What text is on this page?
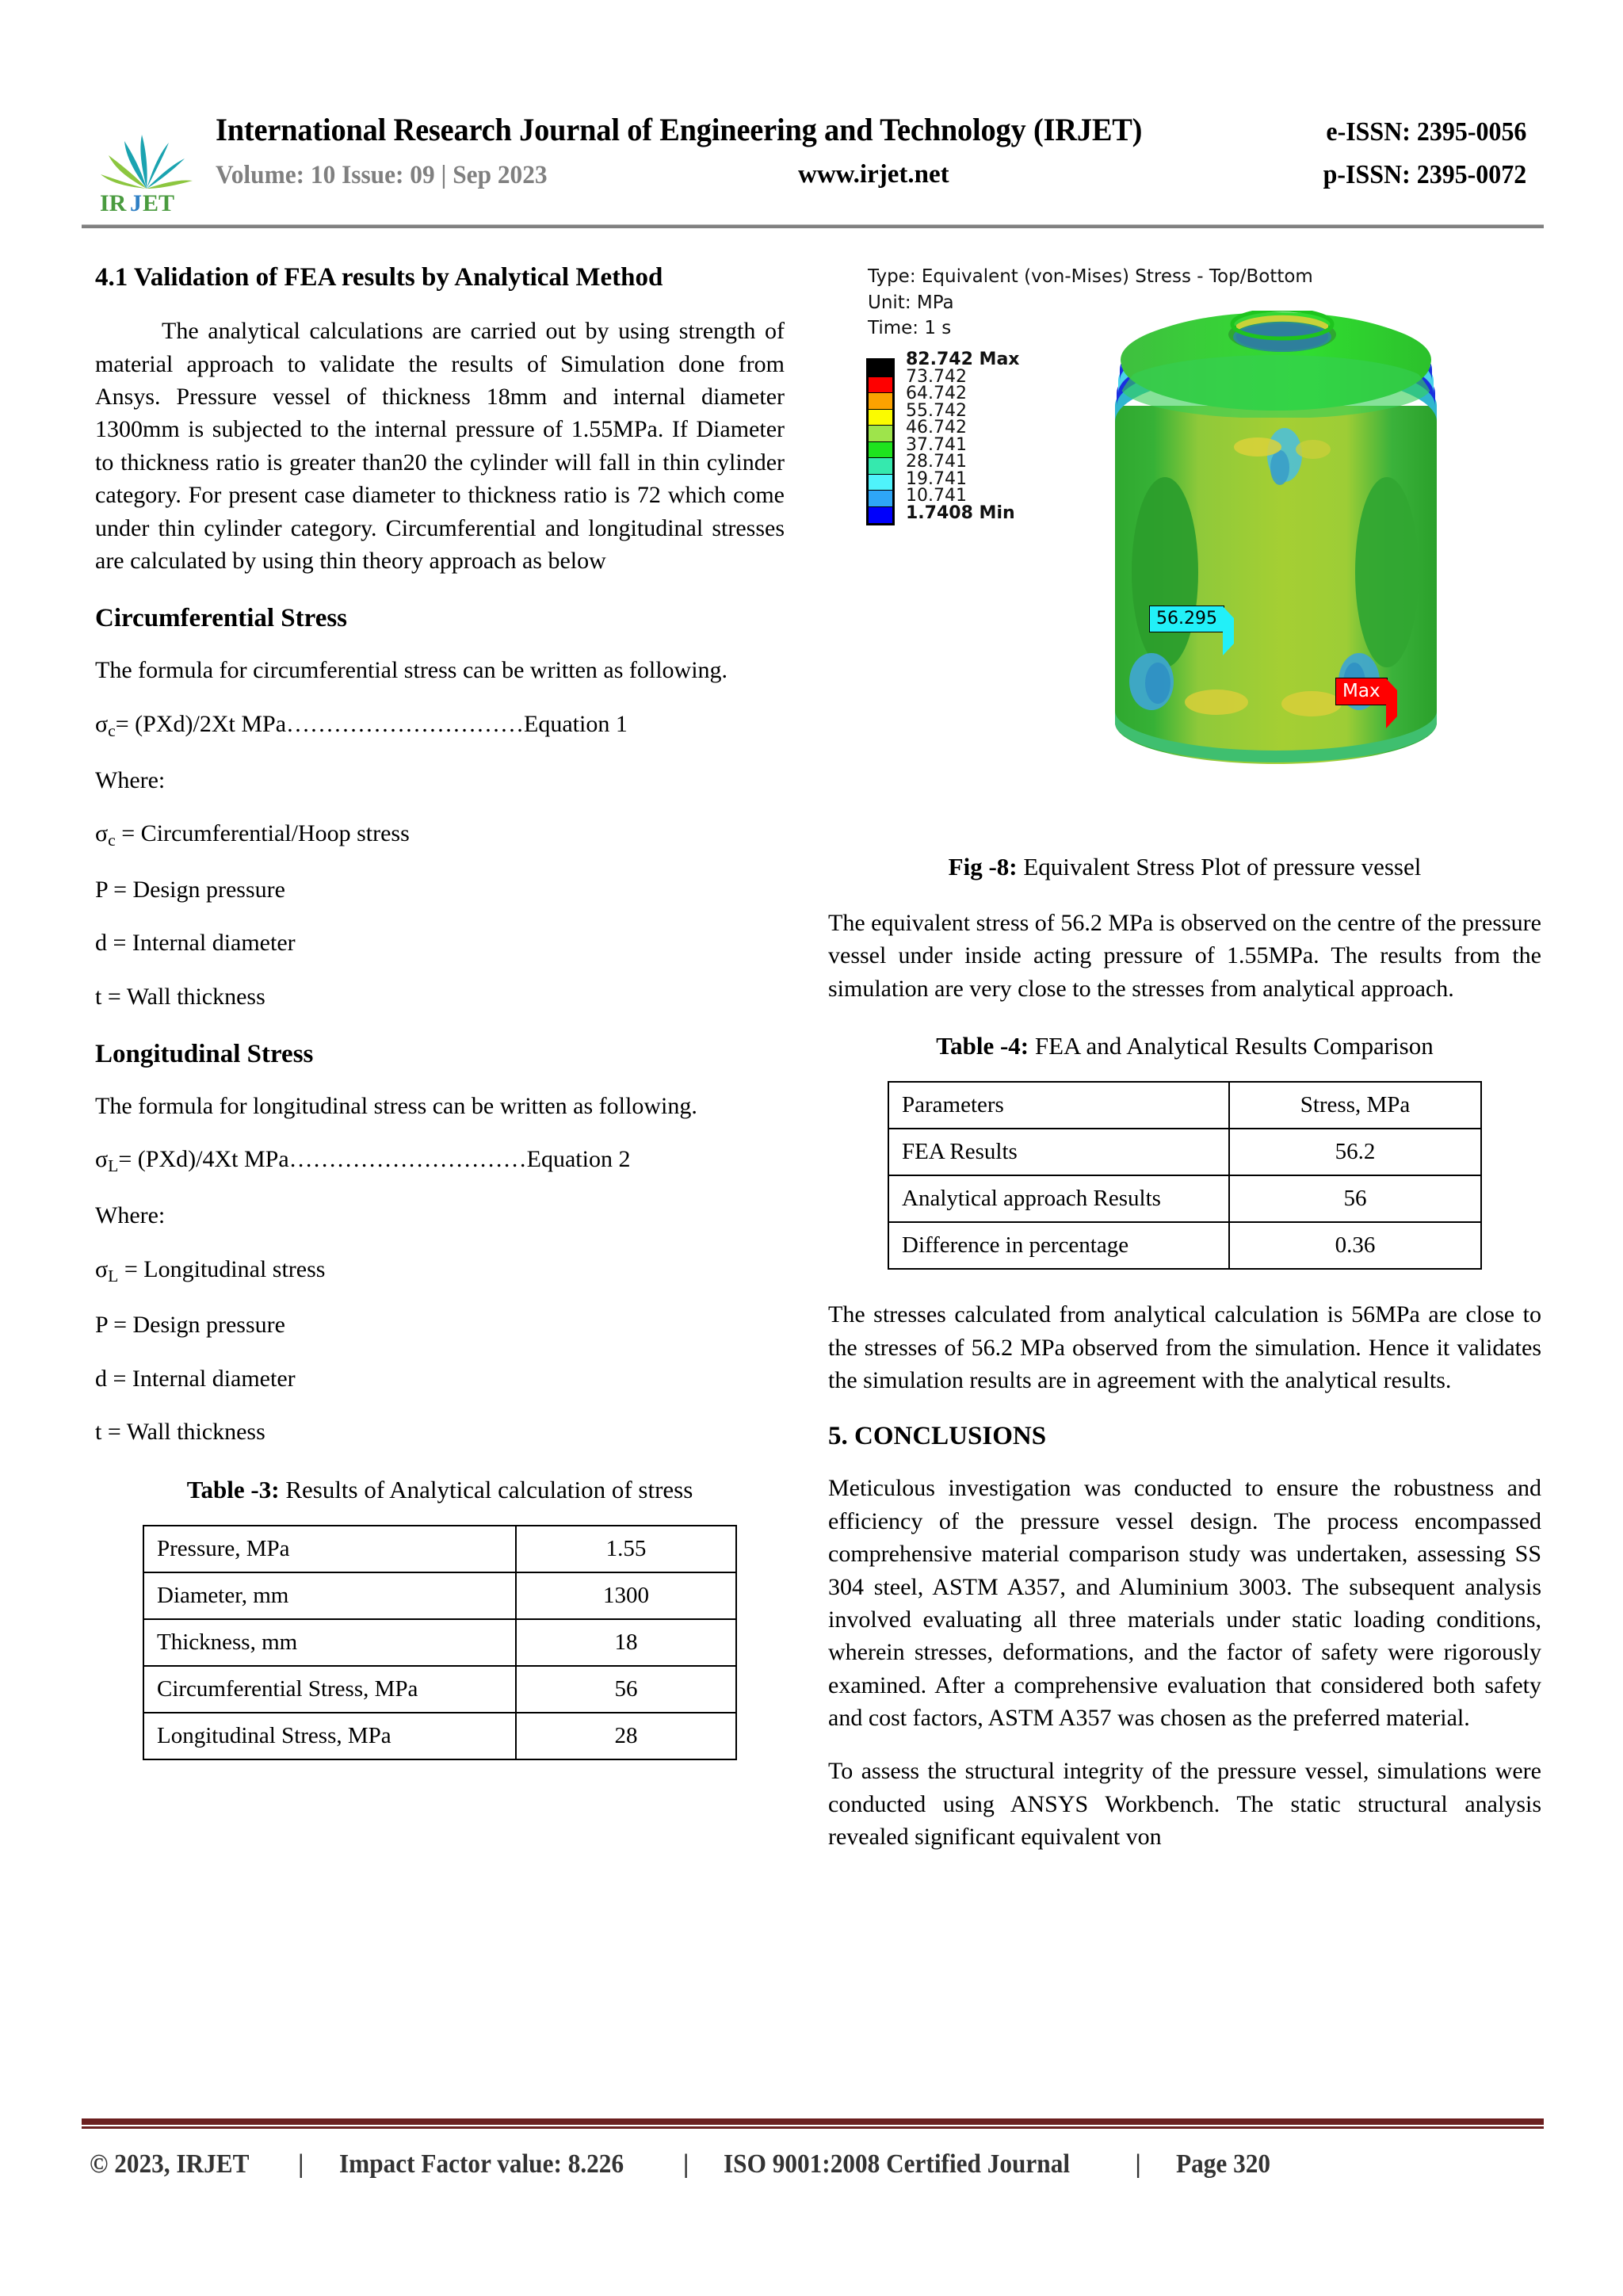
IR J ET
International Research Journal of Engineering and Technology (IRJET)	e-ISSN: 2395-0056
Volume: 10 Issue: 09 | Sep 2023	www.irjet.net	p-ISSN: 2395-0072
4.1 Validation of FEA results by Analytical Method

The analytical calculations are carried out by using strength of material approach to validate the results of Simulation done from Ansys. Pressure vessel of thickness 18mm and internal diameter 1300mm is subjected to the internal pressure of 1.55MPa. If Diameter to thickness ratio is greater than20 the cylinder will fall in thin cylinder category. For present case diameter to thickness ratio is 72 which come under thin cylinder category. Circumferential and longitudinal stresses are calculated by using thin theory approach as below

Circumferential Stress

The formula for circumferential stress can be written as following.

$\sigma_c= (PXd)/2Xt$ MPa…………………………Equation 1

Where:

$\sigma_c$ = Circumferential/Hoop stress

P = Design pressure

d = Internal diameter

t = Wall thickness

Longitudinal Stress

The formula for longitudinal stress can be written as following.

$\sigma_L= (PXd)/4Xt$ MPa…………………………Equation 2

Where:

$\sigma_L$ = Longitudinal stress

P = Design pressure

d = Internal diameter

t = Wall thickness

Table -3: Results of Analytical calculation of stress
Pressure, MPa	1.55
Diameter, mm	1300
Thickness, mm	18
Circumferential Stress, MPa	56
Longitudinal Stress, MPa	28
Type: Equivalent (von-Mises) Stress - Top/Bottom
Unit: MPa
Time: 1 s
82.742 Max
73.742
64.742
55.742
46.742
37.741
28.741
19.741
10.741
1.7408 Min
56.295
Max
Fig -8: Equivalent Stress Plot of pressure vessel

The equivalent stress of 56.2 MPa is observed on the centre of the pressure vessel under inside acting pressure of 1.55MPa. The results from the simulation are very close to the stresses from analytical approach.

Table -4: FEA and Analytical Results Comparison
Parameters	Stress, MPa
FEA Results	56.2
Analytical approach Results	56
Difference in percentage	0.36

The stresses calculated from analytical calculation is 56MPa are close to the stresses of 56.2 MPa observed from the simulation. Hence it validates the simulation results are in agreement with the analytical results.

5. CONCLUSIONS

Meticulous investigation was conducted to ensure the robustness and efficiency of the pressure vessel design. The process encompassed comprehensive material comparison study was undertaken, assessing SS 304 steel, ASTM A357, and Aluminium 3003. The subsequent analysis involved evaluating all three materials under static loading conditions, wherein stresses, deformations, and the factor of safety were rigorously examined. After a comprehensive evaluation that considered both safety and cost factors, ASTM A357 was chosen as the preferred material.

To assess the structural integrity of the pressure vessel, simulations were conducted using ANSYS Workbench. The static structural analysis revealed significant equivalent von

© 2023, IRJET | Impact Factor value: 8.226 | ISO 9001:2008 Certified Journal | Page 320
